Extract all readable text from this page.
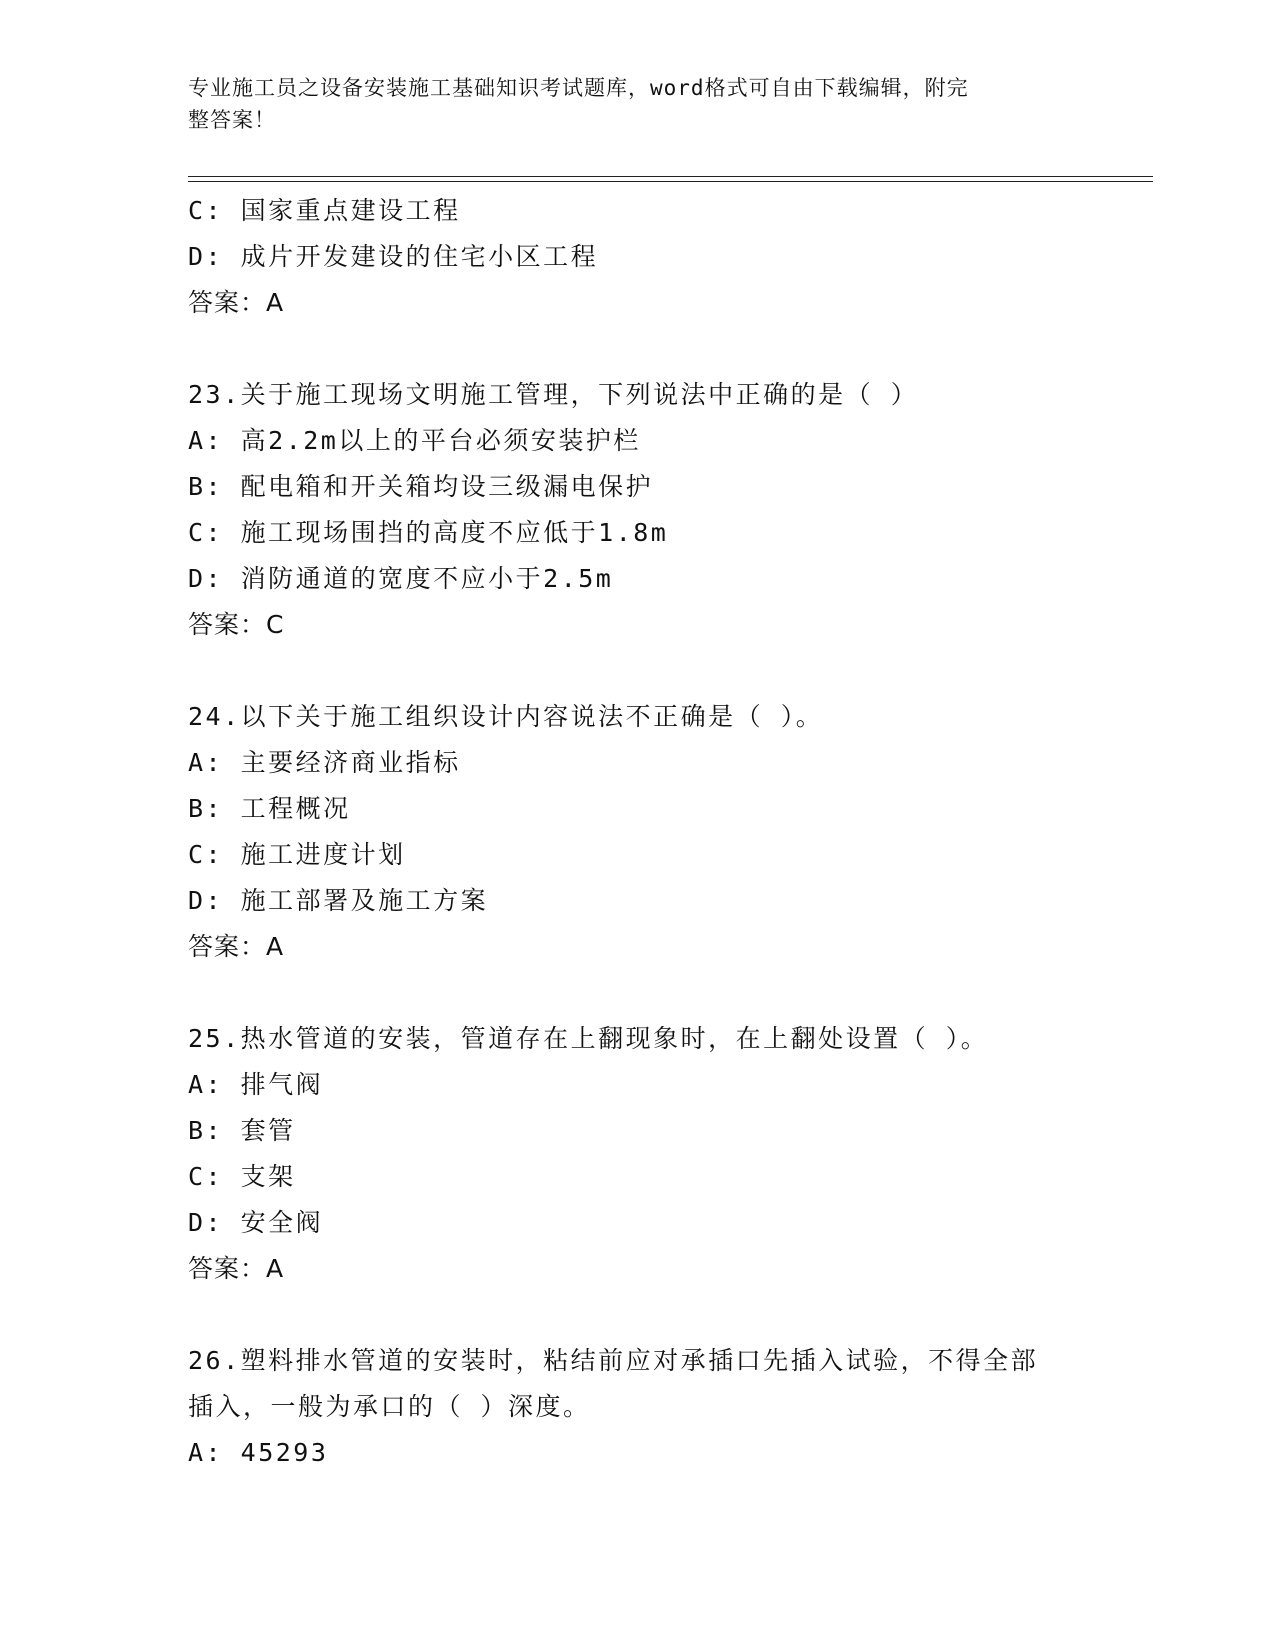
专业施工员之设备安装施工基础知识考试题库，word格式可自由下载编辑，附完
整答案！
C: 国家重点建设工程
D: 成片开发建设的住宅小区工程
答案：A
23.关于施工现场文明施工管理，下列说法中正确的是（ ）
A: 高2.2m以上的平台必须安装护栏
B: 配电箱和开关箱均设三级漏电保护
C: 施工现场围挡的高度不应低于1.8m
D: 消防通道的宽度不应小于2.5m
答案：C
24.以下关于施工组织设计内容说法不正确是（ ）。
A: 主要经济商业指标
B: 工程概况
C: 施工进度计划
D: 施工部署及施工方案
答案：A
25.热水管道的安装，管道存在上翻现象时，在上翻处设置（ ）。
A: 排气阀
B: 套管
C: 支架
D: 安全阀
答案：A
26.塑料排水管道的安装时，粘结前应对承插口先插入试验，不得全部
插入，一般为承口的（ ）深度。
A: 45293
